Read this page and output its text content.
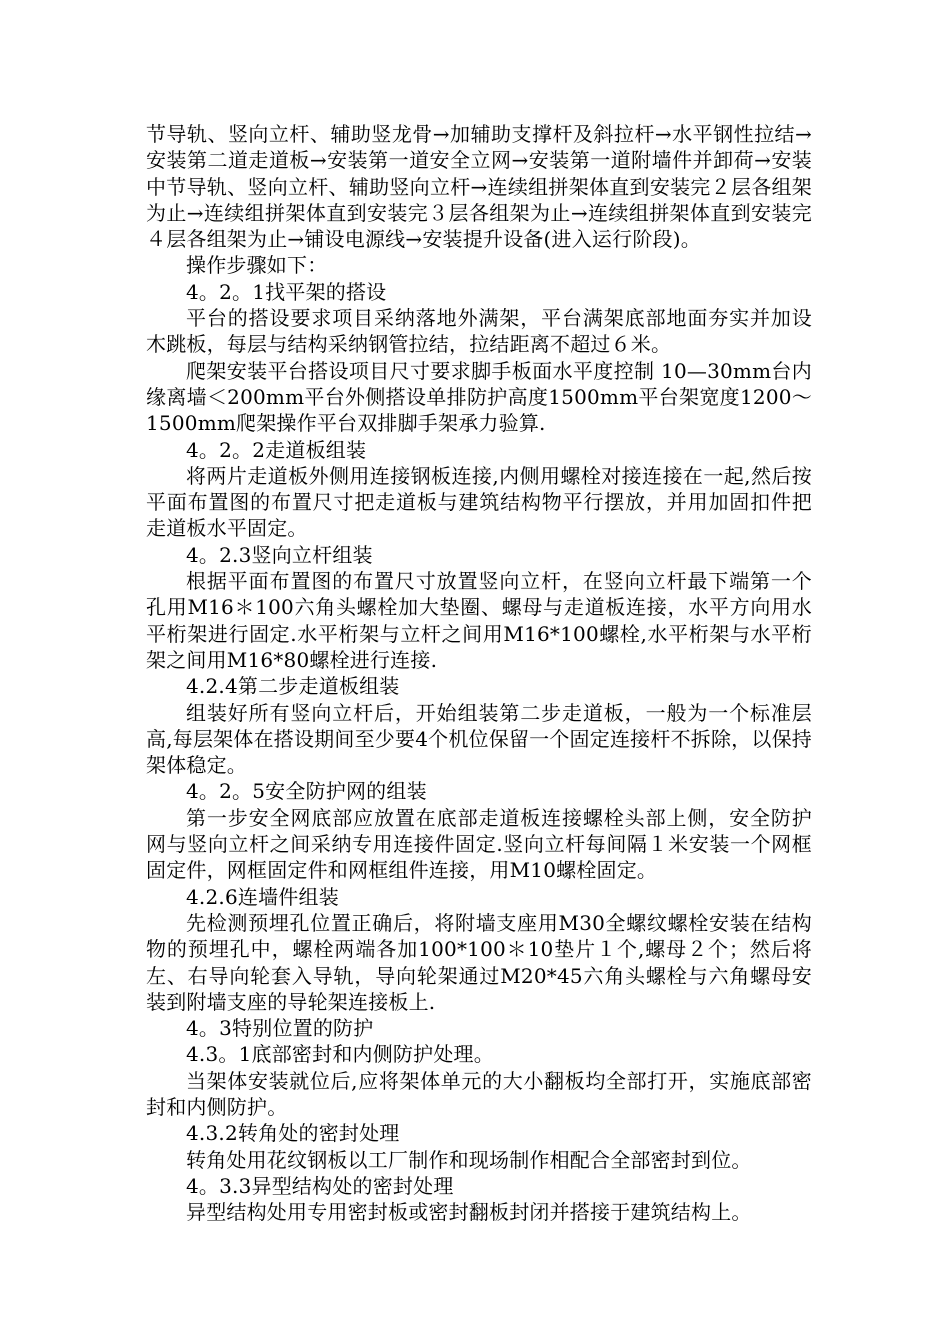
节导轨、竖向立杆、辅助竖龙骨→加辅助支撑杆及斜拉杆→水平钢性拉结→安装第二道走道板→安装第一道安全立网→安装第一道附墙件并卸荷→安装中节导轨、竖向立杆、辅助竖向立杆→连续组拼架体直到安装完２层各组架为止→连续组拼架体直到安装完３层各组架为止→连续组拼架体直到安装完４层各组架为止→铺设电源线→安装提升设备(进入运行阶段)。

操作步骤如下：

4。2。1找平架的搭设

平台的搭设要求项目采纳落地外满架，平台满架底部地面夯实并加设木跳板，每层与结构采纳钢管拉结，拉结距离不超过６米。

爬架安装平台搭设项目尺寸要求脚手板面水平度控制 10—30mm台内缘离墙＜200mm平台外侧搭设单排防护高度1500mm平台架宽度1200～1500mm爬架操作平台双排脚手架承力验算.

4。2。2走道板组装

将两片走道板外侧用连接钢板连接,内侧用螺栓对接连接在一起,然后按平面布置图的布置尺寸把走道板与建筑结构物平行摆放，并用加固扣件把走道板水平固定。

4。2.3竖向立杆组装

根据平面布置图的布置尺寸放置竖向立杆，在竖向立杆最下端第一个孔用M16＊100六角头螺栓加大垫圈、螺母与走道板连接，水平方向用水平桁架进行固定.水平桁架与立杆之间用M16*100螺栓,水平桁架与水平桁架之间用M16*80螺栓进行连接.

4.2.4第二步走道板组装

组装好所有竖向立杆后，开始组装第二步走道板，一般为一个标准层高,每层架体在搭设期间至少要4个机位保留一个固定连接杆不拆除，以保持架体稳定。

4。2。5安全防护网的组装

第一步安全网底部应放置在底部走道板连接螺栓头部上侧，安全防护网与竖向立杆之间采纳专用连接件固定.竖向立杆每间隔１米安装一个网框固定件，网框固定件和网框组件连接，用M10螺栓固定。

4.2.6连墙件组装

先检测预埋孔位置正确后，将附墙支座用M30全螺纹螺栓安装在结构物的预埋孔中，螺栓两端各加100*100＊10垫片１个,螺母２个；然后将左、右导向轮套入导轨，导向轮架通过M20*45六角头螺栓与六角螺母安装到附墙支座的导轮架连接板上.

4。3特别位置的防护

4.3。1底部密封和内侧防护处理。

当架体安装就位后,应将架体单元的大小翻板均全部打开，实施底部密封和内侧防护。

4.3.2转角处的密封处理

转角处用花纹钢板以工厂制作和现场制作相配合全部密封到位。

4。3.3异型结构处的密封处理

异型结构处用专用密封板或密封翻板封闭并搭接于建筑结构上。
